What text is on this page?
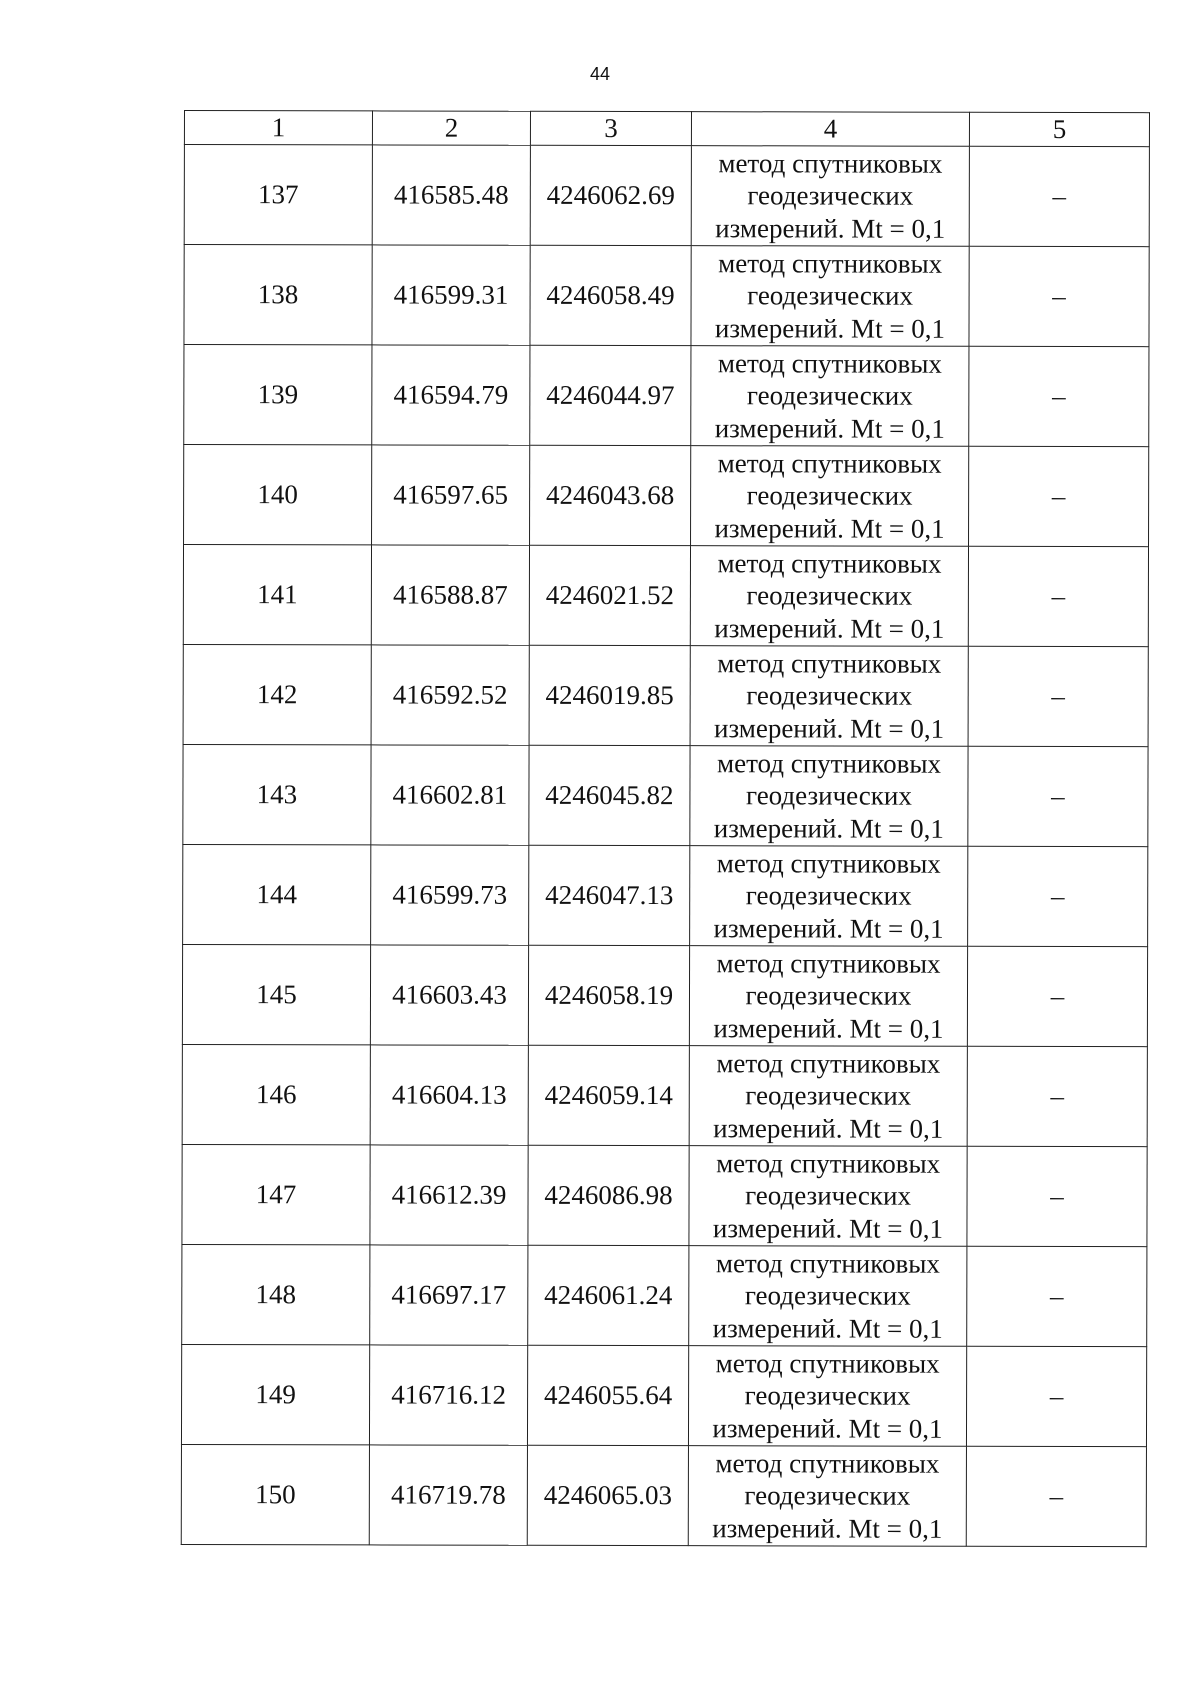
44
1	2	3	4	5
137	416585.48	4246062.69	метод спутниковых
геодезических
измерений. Mt = 0,1	–
138	416599.31	4246058.49	метод спутниковых
геодезических
измерений. Mt = 0,1	–
139	416594.79	4246044.97	метод спутниковых
геодезических
измерений. Mt = 0,1	–
140	416597.65	4246043.68	метод спутниковых
геодезических
измерений. Mt = 0,1	–
141	416588.87	4246021.52	метод спутниковых
геодезических
измерений. Mt = 0,1	–
142	416592.52	4246019.85	метод спутниковых
геодезических
измерений. Mt = 0,1	–
143	416602.81	4246045.82	метод спутниковых
геодезических
измерений. Mt = 0,1	–
144	416599.73	4246047.13	метод спутниковых
геодезических
измерений. Mt = 0,1	–
145	416603.43	4246058.19	метод спутниковых
геодезических
измерений. Mt = 0,1	–
146	416604.13	4246059.14	метод спутниковых
геодезических
измерений. Mt = 0,1	–
147	416612.39	4246086.98	метод спутниковых
геодезических
измерений. Mt = 0,1	–
148	416697.17	4246061.24	метод спутниковых
геодезических
измерений. Mt = 0,1	–
149	416716.12	4246055.64	метод спутниковых
геодезических
измерений. Mt = 0,1	–
150	416719.78	4246065.03	метод спутниковых
геодезических
измерений. Mt = 0,1	–
